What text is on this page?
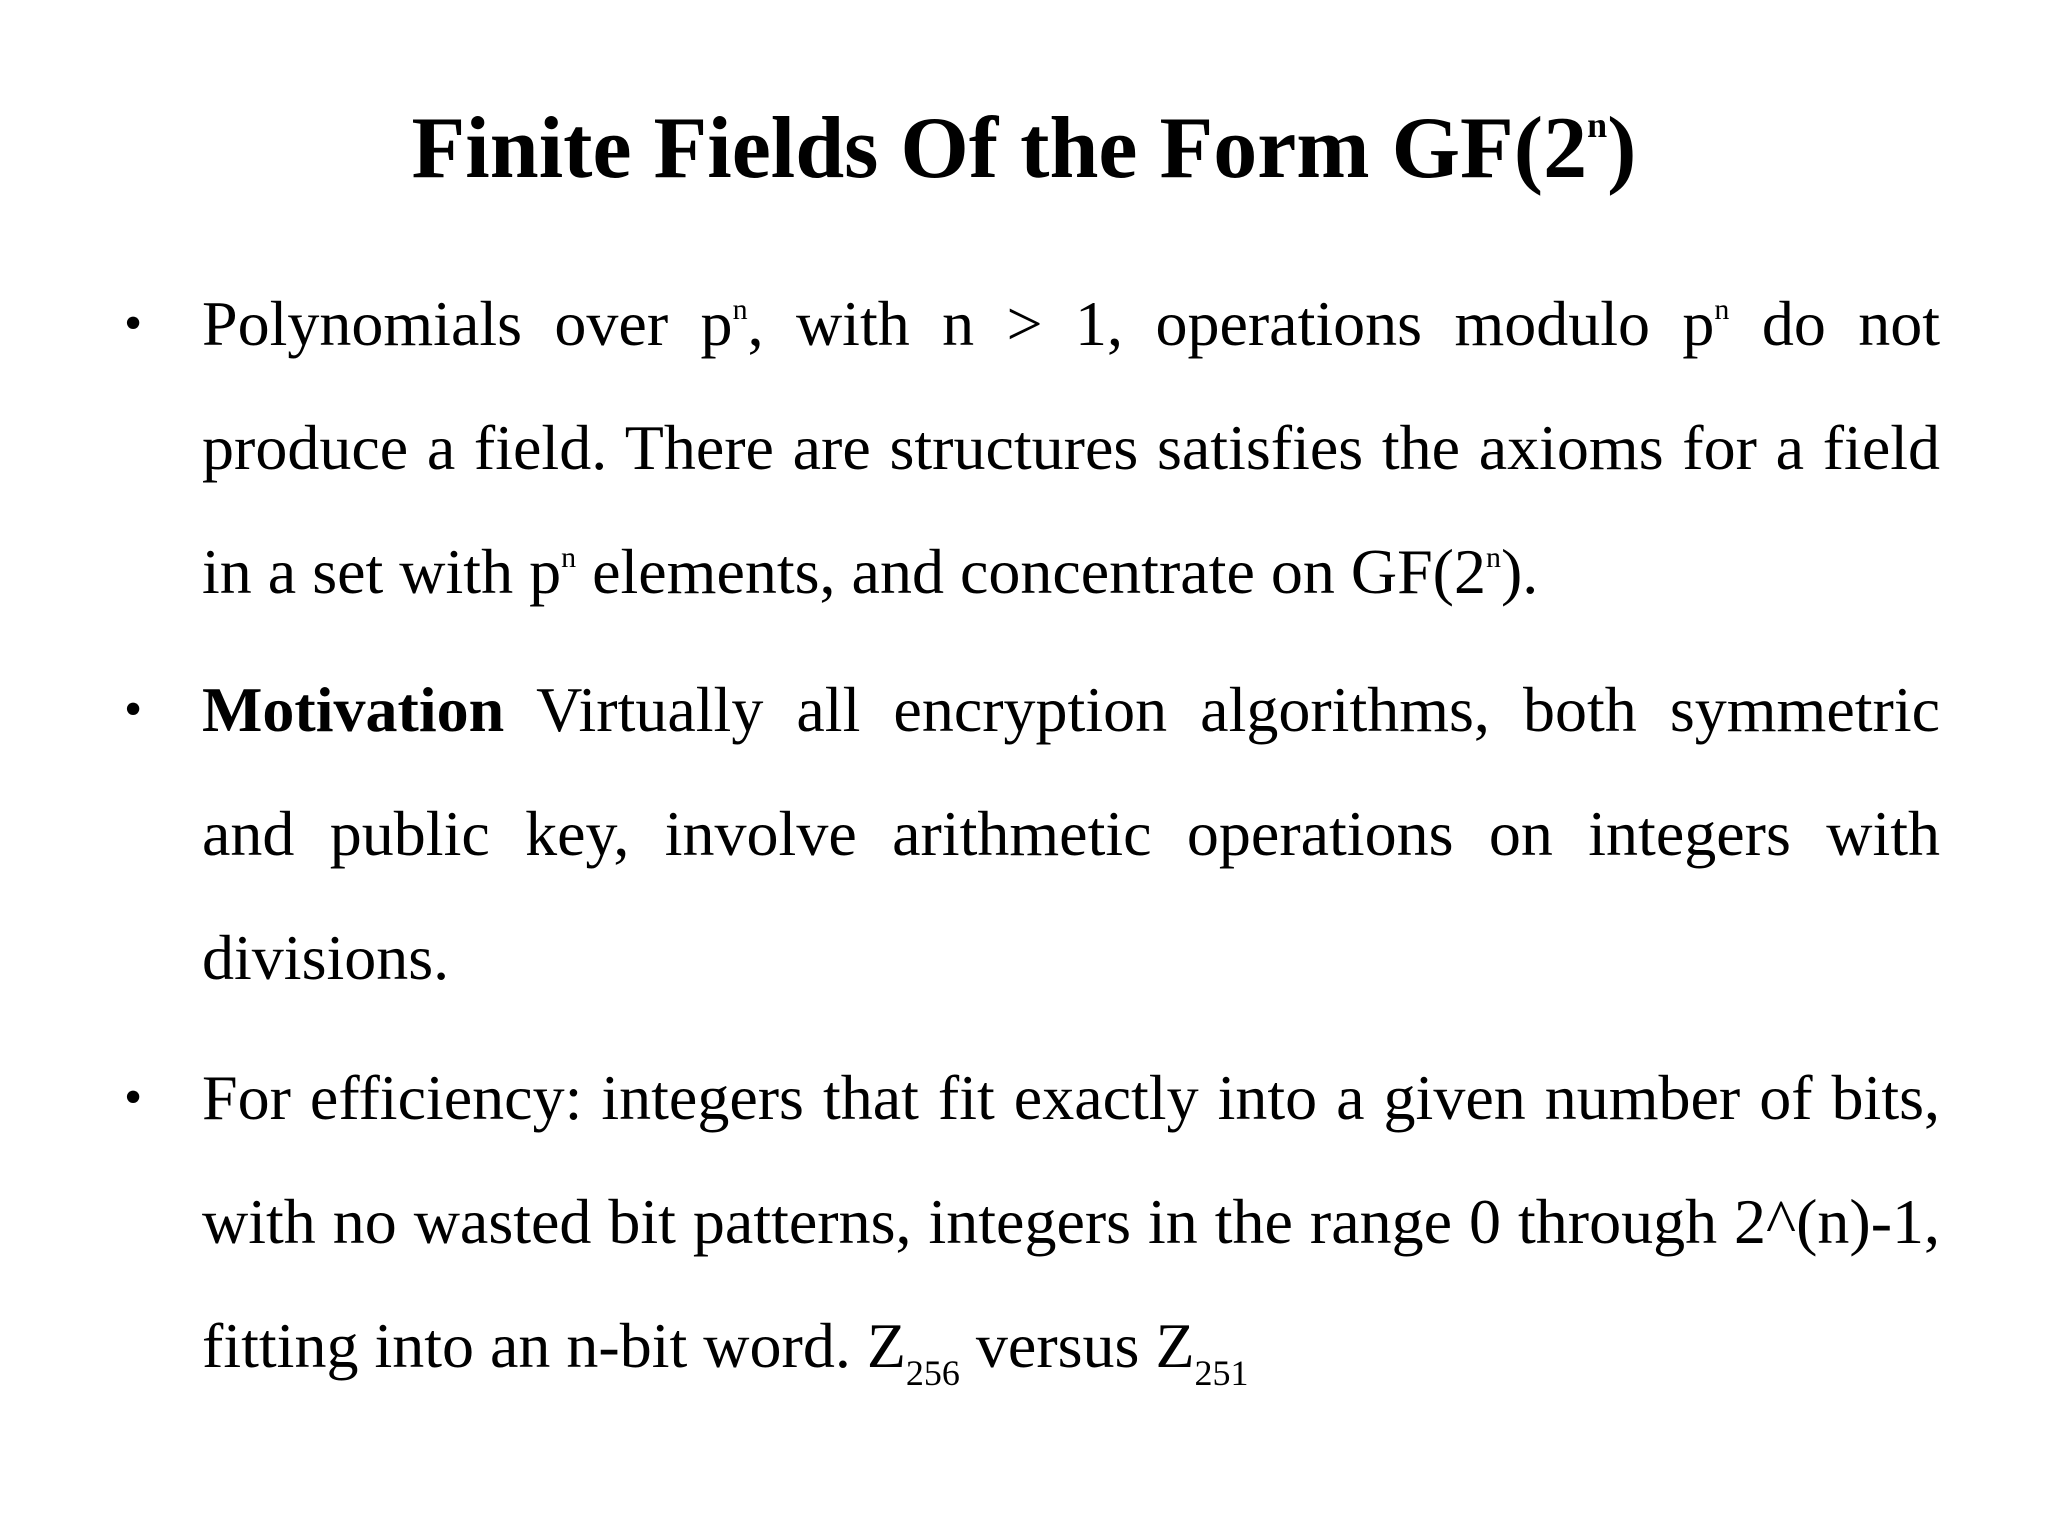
Finite Fields Of the Form GF(2$^n$)
• Polynomials over $p^n$, with n > 1, operations modulo $p^n$ do not produce a field. There are structures satisfies the axioms for a field in a set with $p^n$ elements, and concentrate on GF(2$^n$).
• Motivation Virtually all encryption algorithms, both symmetric and public key, involve arithmetic operations on integers with divisions.
• For efficiency: integers that fit exactly into a given number of bits, with no wasted bit patterns, integers in the range 0 through 2^(n)-1, fitting into an n-bit word. $Z_{256}$ versus $Z_{251}$
